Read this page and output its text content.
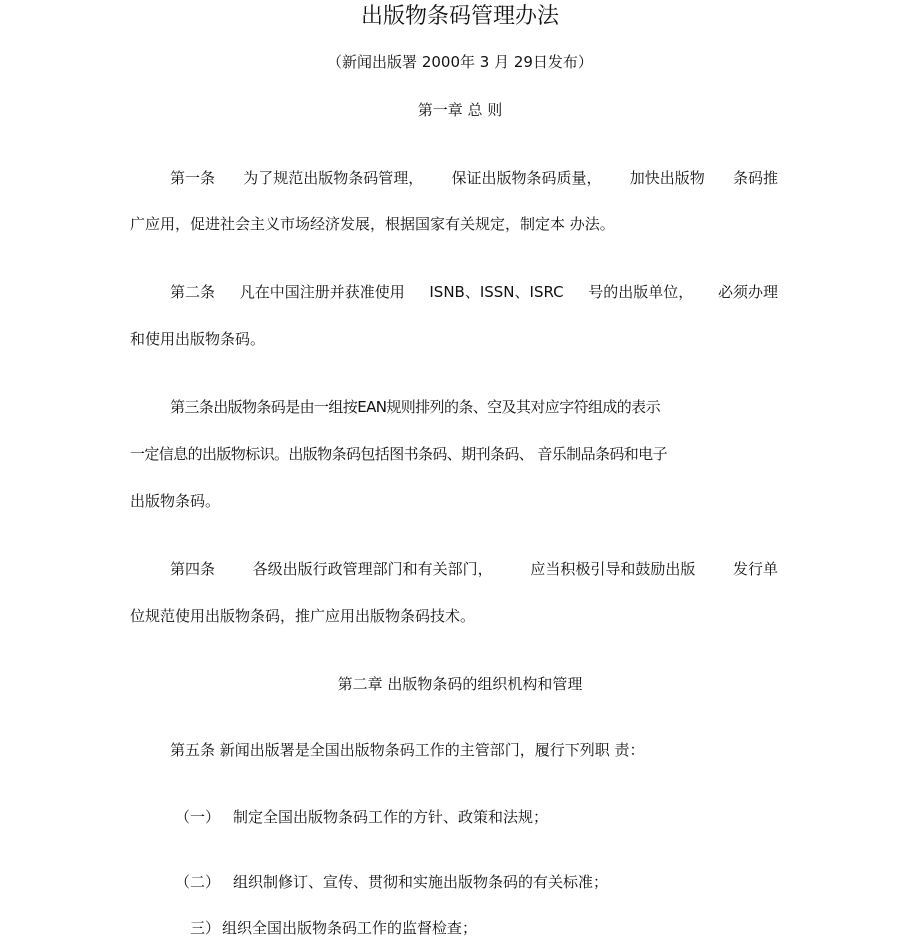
出版物条码管理办法
（新闻出版署 2000年 3 月 29日发布）
第一章 总 则
第一条 为了规范出版物条码管理， 保证出版物条码质量， 加快出版物 条码推
广应用，促进社会主义市场经济发展，根据国家有关规定，制定本 办法。
第二条 凡在中国注册并获准使用 ISNB、ISSN、ISRC 号的出版单位， 必须办理
和使用出版物条码。
第三条出版物条码是由一组按EAN规则排列的条、空及其对应字符组成的表示
一定信息的出版物标识。出版物条码包括图书条码、期刊条码、 音乐制品条码和电子
出版物条码。
第四条	各级出版行政管理部门和有关部门，	应当积极引导和鼓励出版	发行单
位规范使用出版物条码，推广应用出版物条码技术。
第二章 出版物条码的组织机构和管理
第五条 新闻出版署是全国出版物条码工作的主管部门，履行下列职 责：
（一） 制定全国出版物条码工作的方针、政策和法规；
（二） 组织制修订、宣传、贯彻和实施出版物条码的有关标准；
三） 组织全国出版物条码工作的监督检查；
